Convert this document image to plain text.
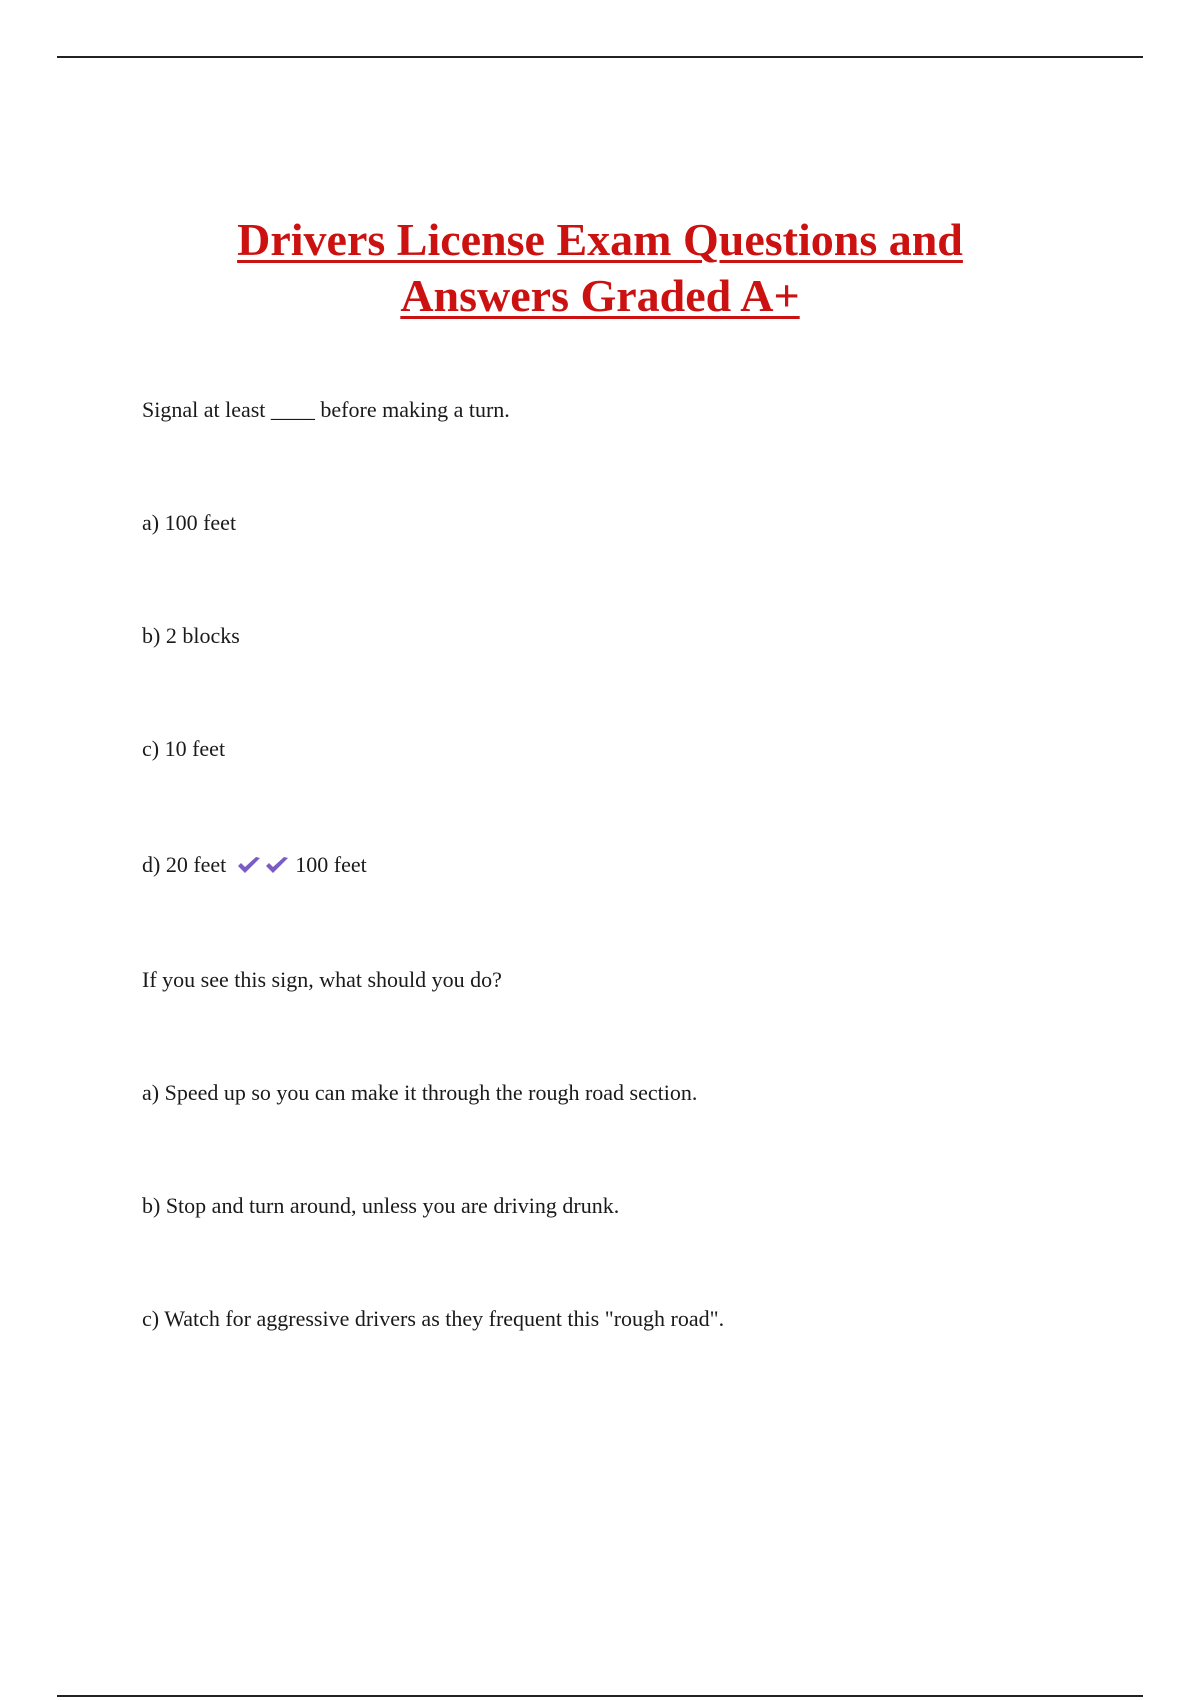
Drivers License Exam Questions and
Answers Graded A+
Signal at least ____ before making a turn.
a) 100 feet
b) 2 blocks
c) 10 feet
d) 20 feet	100 feet
If you see this sign, what should you do?
a) Speed up so you can make it through the rough road section.
b) Stop and turn around, unless you are driving drunk.
c) Watch for aggressive drivers as they frequent this "rough road".
